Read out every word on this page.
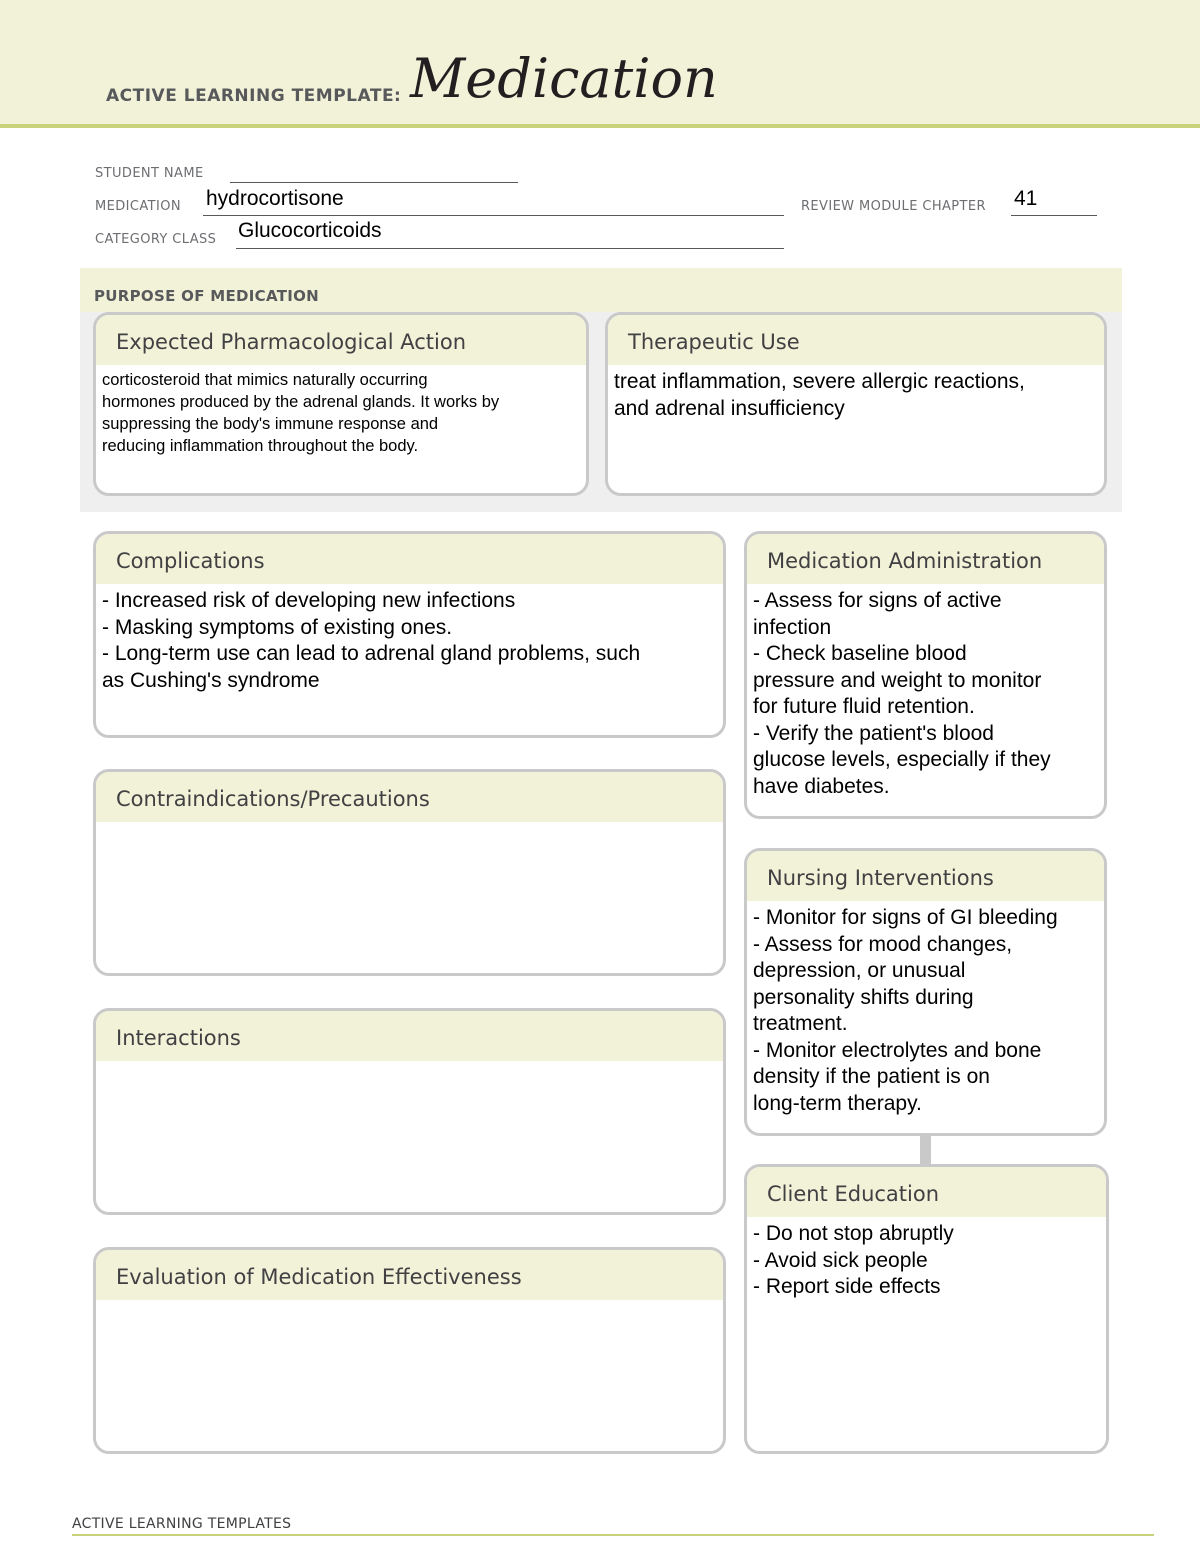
ACTIVE LEARNING TEMPLATE: Medication
STUDENT NAME
MEDICATION hydrocortisone	REVIEW MODULE CHAPTER 41
CATEGORY CLASS Glucocorticoids
PURPOSE OF MEDICATION
Expected Pharmacological Action
corticosteroid that mimics naturally occurring
hormones produced by the adrenal glands. It works by
suppressing the body's immune response and
reducing inflammation throughout the body.
Therapeutic Use
treat inflammation, severe allergic reactions,
and adrenal insufficiency
Complications
- Increased risk of developing new infections
- Masking symptoms of existing ones.
- Long-term use can lead to adrenal gland problems, such
as Cushing's syndrome
Contraindications/Precautions
Interactions
Evaluation of Medication Effectiveness
Medication Administration
- Assess for signs of active
infection
- Check baseline blood
pressure and weight to monitor
for future fluid retention.
- Verify the patient's blood
glucose levels, especially if they
have diabetes.
Nursing Interventions
- Monitor for signs of GI bleeding
- Assess for mood changes,
depression, or unusual
personality shifts during
treatment.
- Monitor electrolytes and bone
density if the patient is on
long-term therapy.
Client Education
- Do not stop abruptly
- Avoid sick people
- Report side effects
ACTIVE LEARNING TEMPLATES
